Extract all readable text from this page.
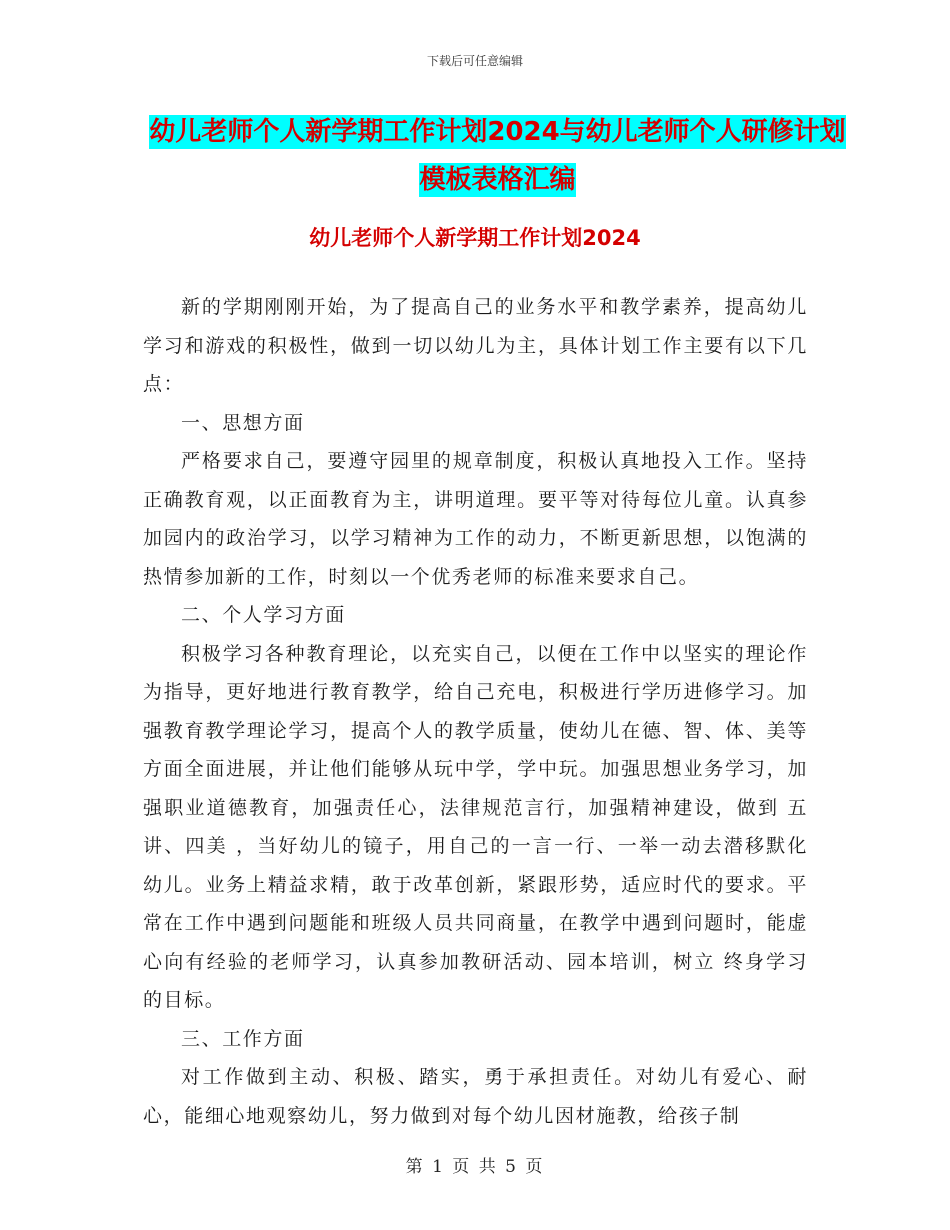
下载后可任意编辑
幼儿老师个人新学期工作计划2024与幼儿老师个人研修计划模板表格汇编
幼儿老师个人新学期工作计划2024

新的学期刚刚开始，为了提高自己的业务水平和教学素养，提高幼儿学习和游戏的积极性，做到一切以幼儿为主，具体计划工作主要有以下几点：

一、思想方面

严格要求自己，要遵守园里的规章制度，积极认真地投入工作。坚持正确教育观，以正面教育为主，讲明道理。要平等对待每位儿童。认真参加园内的政治学习，以学习精神为工作的动力，不断更新思想，以饱满的热情参加新的工作，时刻以一个优秀老师的标准来要求自己。

二、个人学习方面

积极学习各种教育理论，以充实自己，以便在工作中以坚实的理论作为指导，更好地进行教育教学，给自己充电，积极进行学历进修学习。加强教育教学理论学习，提高个人的教学质量，使幼儿在德、智、体、美等方面全面进展，并让他们能够从玩中学，学中玩。加强思想业务学习，加强职业道德教育，加强责任心，法律规范言行，加强精神建设，做到 五讲、四美 ，当好幼儿的镜子，用自己的一言一行、一举一动去潜移默化幼儿。业务上精益求精，敢于改革创新，紧跟形势，适应时代的要求。平常在工作中遇到问题能和班级人员共同商量，在教学中遇到问题时，能虚心向有经验的老师学习，认真参加教研活动、园本培训，树立 终身学习 的目标。

三、工作方面

对工作做到主动、积极、踏实，勇于承担责任。对幼儿有爱心、耐心，能细心地观察幼儿，努力做到对每个幼儿因材施教，给孩子制

第 1 页 共 5 页
